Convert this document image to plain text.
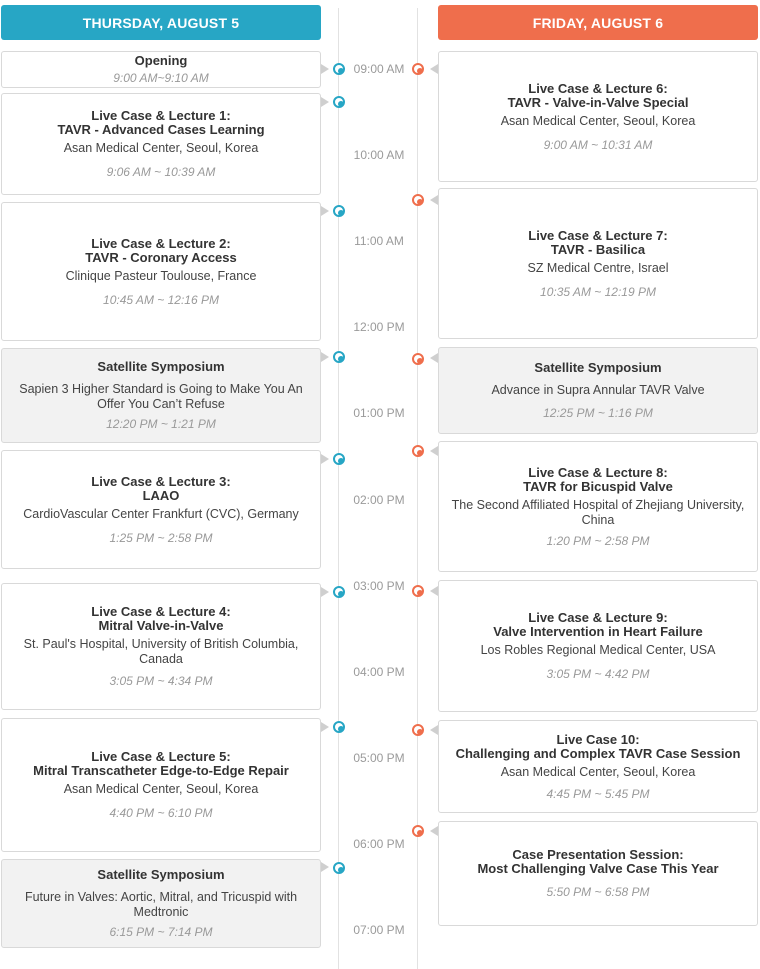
THURSDAY, AUGUST 5	FRIDAY, AUGUST 6
09:00 AM
10:00 AM
11:00 AM
12:00 PM
01:00 PM
02:00 PM
03:00 PM
04:00 PM
05:00 PM
06:00 PM
07:00 PM
Opening
9:00 AM~9:10 AM
Live Case & Lecture 1:
TAVR - Advanced Cases Learning
Asan Medical Center, Seoul, Korea
9:06 AM ~ 10:39 AM
Live Case & Lecture 2:
TAVR - Coronary Access
Clinique Pasteur Toulouse, France
10:45 AM ~ 12:16 PM
Satellite Symposium
Sapien 3 Higher Standard is Going to Make You An Offer You Can’t Refuse
12:20 PM ~ 1:21 PM
Live Case & Lecture 3:
LAAO
CardioVascular Center Frankfurt (CVC), Germany
1:25 PM ~ 2:58 PM
Live Case & Lecture 4:
Mitral Valve-in-Valve
St. Paul's Hospital, University of British Columbia, Canada
3:05 PM ~ 4:34 PM
Live Case & Lecture 5:
Mitral Transcatheter Edge-to-Edge Repair
Asan Medical Center, Seoul, Korea
4:40 PM ~ 6:10 PM
Satellite Symposium
Future in Valves: Aortic, Mitral, and Tricuspid with Medtronic
6:15 PM ~ 7:14 PM
Live Case & Lecture 6:
TAVR - Valve-in-Valve Special
Asan Medical Center, Seoul, Korea
9:00 AM ~ 10:31 AM
Live Case & Lecture 7:
TAVR - Basilica
SZ Medical Centre, Israel
10:35 AM ~ 12:19 PM
Satellite Symposium
Advance in Supra Annular TAVR Valve
12:25 PM ~ 1:16 PM
Live Case & Lecture 8:
TAVR for Bicuspid Valve
The Second Affiliated Hospital of Zhejiang University, China
1:20 PM ~ 2:58 PM
Live Case & Lecture 9:
Valve Intervention in Heart Failure
Los Robles Regional Medical Center, USA
3:05 PM ~ 4:42 PM
Live Case 10:
Challenging and Complex TAVR Case Session
Asan Medical Center, Seoul, Korea
4:45 PM ~ 5:45 PM
Case Presentation Session:
Most Challenging Valve Case This Year
5:50 PM ~ 6:58 PM
